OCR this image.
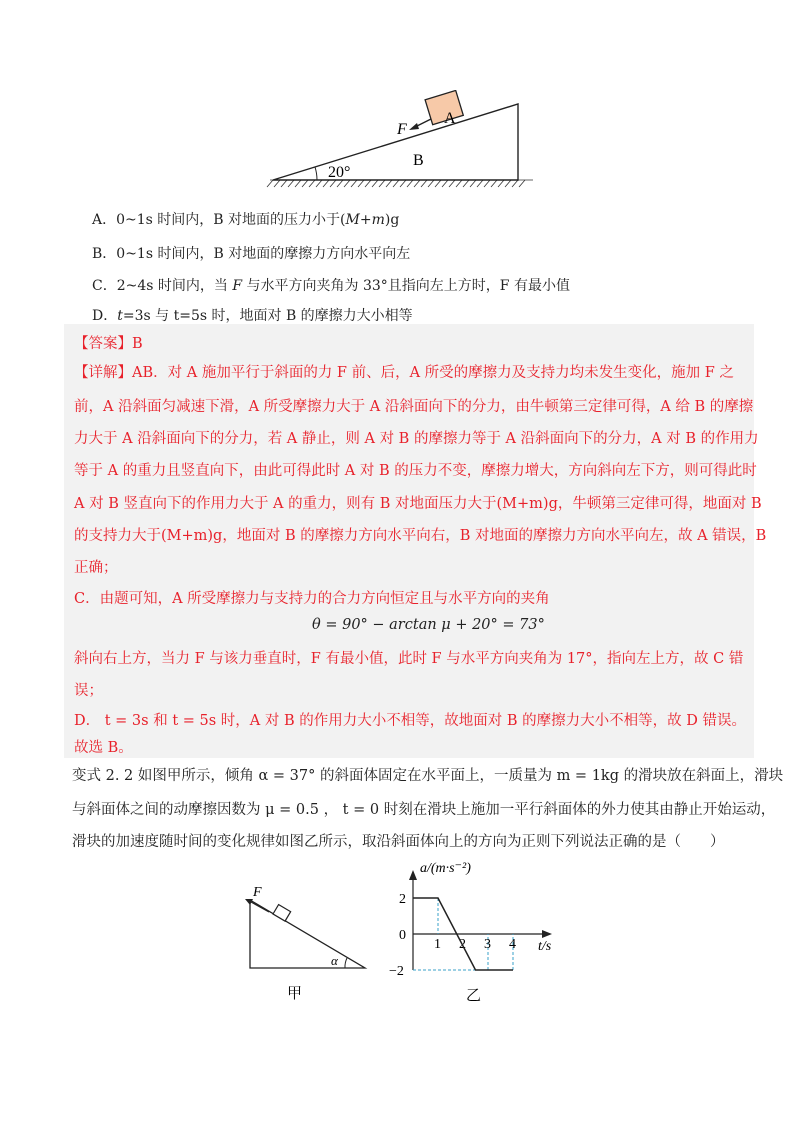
A
F
B
20°
A．0~1s 时间内，B 对地面的压力小于(M+m)g
B．0~1s 时间内，B 对地面的摩擦力方向水平向左
C．2~4s 时间内，当 F 与水平方向夹角为 33°且指向左上方时，F 有最小值
D．t=3s 与 t=5s 时，地面对 B 的摩擦力大小相等
【答案】B
【详解】AB．对 A 施加平行于斜面的力 F 前、后，A 所受的摩擦力及支持力均未发生变化，施加 F 之
前，A 沿斜面匀减速下滑，A 所受摩擦力大于 A 沿斜面向下的分力，由牛顿第三定律可得，A 给 B 的摩擦
力大于 A 沿斜面向下的分力，若 A 静止，则 A 对 B 的摩擦力等于 A 沿斜面向下的分力，A 对 B 的作用力
等于 A 的重力且竖直向下，由此可得此时 A 对 B 的压力不变，摩擦力增大，方向斜向左下方，则可得此时
A 对 B 竖直向下的作用力大于 A 的重力，则有 B 对地面压力大于(M+m)g，牛顿第三定律可得，地面对 B
的支持力大于(M+m)g，地面对 B 的摩擦力方向水平向右，B 对地面的摩擦力方向水平向左，故 A 错误，B
正确；
C．由题可知，A 所受摩擦力与支持力的合力方向恒定且与水平方向的夹角
θ = 90° − arctan μ + 20° = 73°
斜向右上方，当力 F 与该力垂直时，F 有最小值，此时 F 与水平方向夹角为 17°，指向左上方，故 C 错
误；
D． t = 3s 和 t = 5s 时，A 对 B 的作用力大小不相等，故地面对 B 的摩擦力大小不相等，故 D 错误。
故选 B。
变式 2. 2 如图甲所示，倾角 α = 37° 的斜面体固定在水平面上，一质量为 m = 1kg 的滑块放在斜面上，滑块
与斜面体之间的动摩擦因数为 μ = 0.5 ， t = 0 时刻在滑块上施加一平行斜面体的外力使其由静止开始运动，
滑块的加速度随时间的变化规律如图乙所示，取沿斜面体向上的方向为正则下列说法正确的是（　　）
F
α
甲
a/(m·s⁻²)
t/s
1 2 3 4
2
0
−2
乙
